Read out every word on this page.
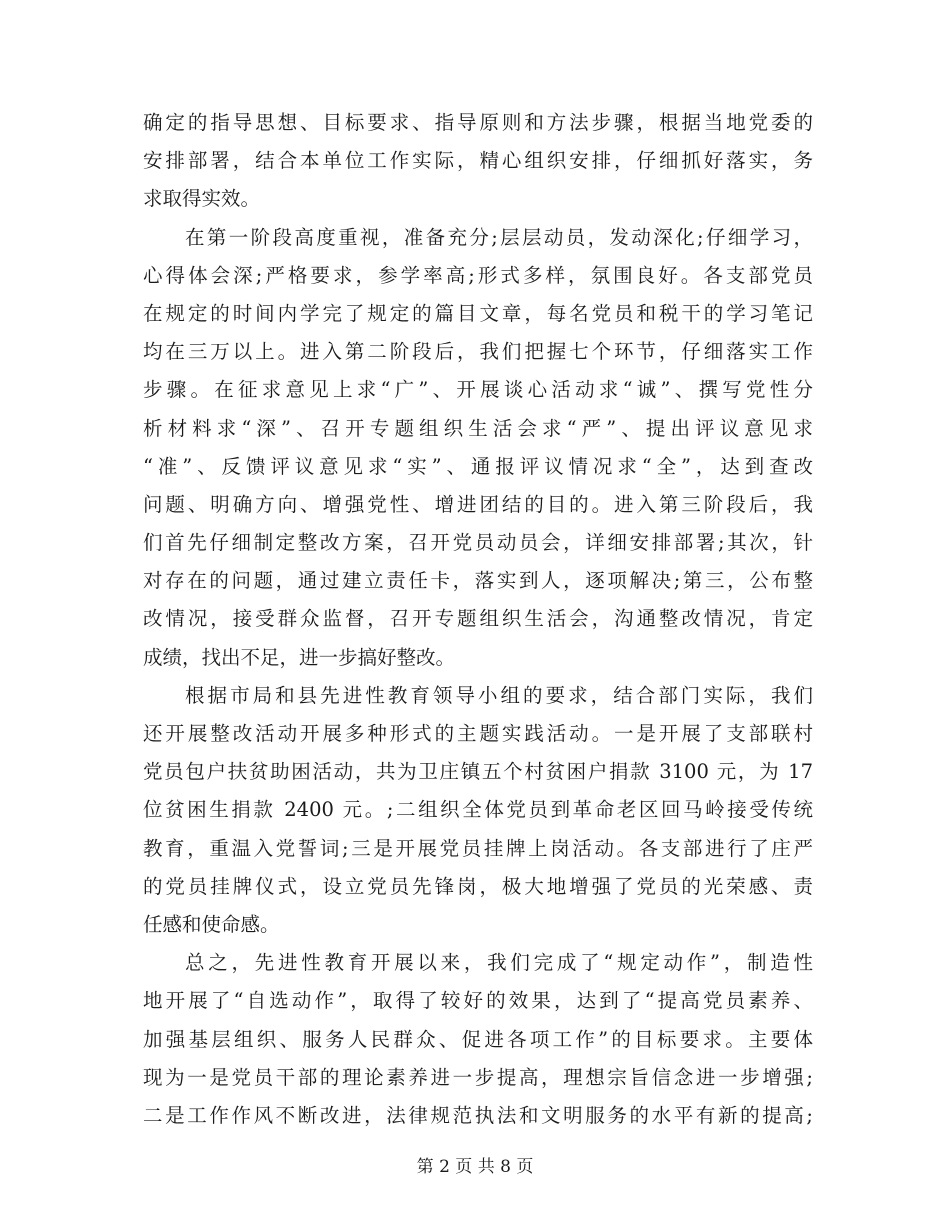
确定的指导思想、目标要求、指导原则和方法步骤，根据当地党委的
安排部署，结合本单位工作实际，精心组织安排，仔细抓好落实，务
求取得实效。
在第一阶段高度重视，准备充分;层层动员，发动深化;仔细学习，
心得体会深;严格要求，参学率高;形式多样，氛围良好。各支部党员
在规定的时间内学完了规定的篇目文章，每名党员和税干的学习笔记
均在三万以上。进入第二阶段后，我们把握七个环节，仔细落实工作
步骤。在征求意见上求“广”、开展谈心活动求“诚”、撰写党性分
析材料求“深”、召开专题组织生活会求“严”、提出评议意见求
“准”、反馈评议意见求“实”、通报评议情况求“全”，达到查改
问题、明确方向、增强党性、增进团结的目的。进入第三阶段后，我
们首先仔细制定整改方案，召开党员动员会，详细安排部署;其次，针
对存在的问题，通过建立责任卡，落实到人，逐项解决;第三，公布整
改情况，接受群众监督，召开专题组织生活会，沟通整改情况，肯定
成绩，找出不足，进一步搞好整改。
根据市局和县先进性教育领导小组的要求，结合部门实际，我们
还开展整改活动开展多种形式的主题实践活动。一是开展了支部联村
党员包户扶贫助困活动，共为卫庄镇五个村贫困户捐款 3100 元，为 17
位贫困生捐款 2400 元。;二组织全体党员到革命老区回马岭接受传统
教育，重温入党誓词;三是开展党员挂牌上岗活动。各支部进行了庄严
的党员挂牌仪式，设立党员先锋岗，极大地增强了党员的光荣感、责
任感和使命感。
总之，先进性教育开展以来，我们完成了“规定动作”，制造性
地开展了“自选动作”，取得了较好的效果，达到了“提高党员素养、
加强基层组织、服务人民群众、促进各项工作”的目标要求。主要体
现为一是党员干部的理论素养进一步提高，理想宗旨信念进一步增强;
二是工作作风不断改进，法律规范执法和文明服务的水平有新的提高;
第 2 页 共 8 页
